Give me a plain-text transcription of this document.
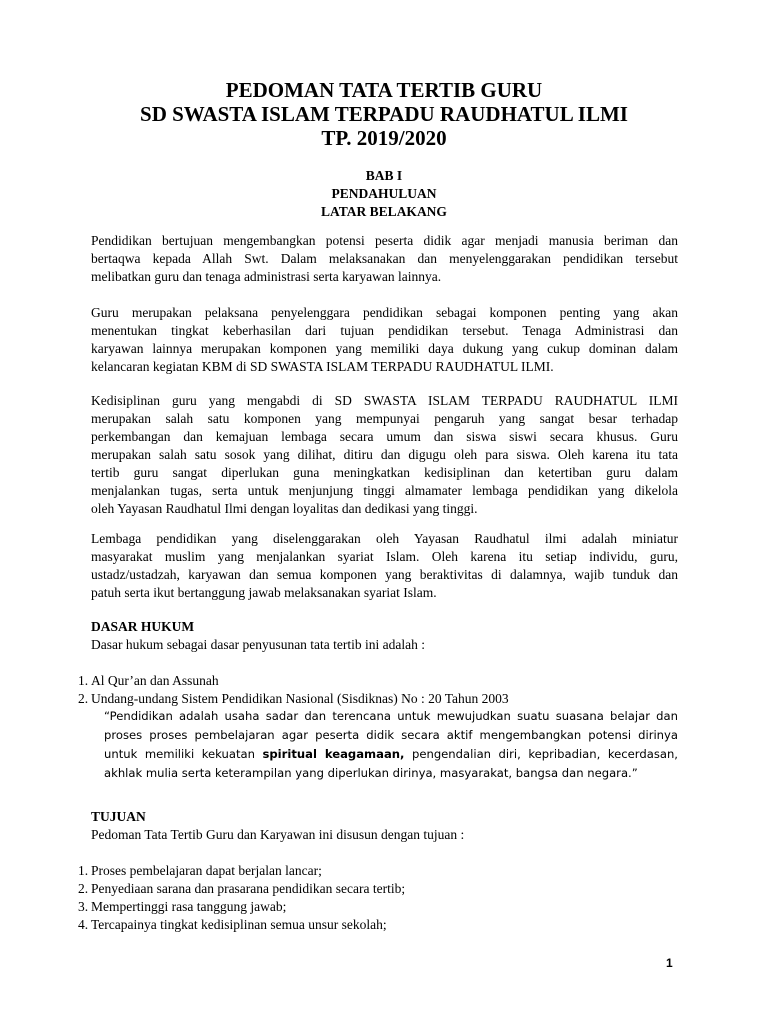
PEDOMAN TATA TERTIB GURU
SD SWASTA ISLAM TERPADU RAUDHATUL ILMI
TP. 2019/2020
BAB I
PENDAHULUAN
LATAR BELAKANG
Pendidikan bertujuan mengembangkan potensi peserta didik agar menjadi manusia beriman dan
bertaqwa kepada Allah Swt. Dalam melaksanakan dan menyelenggarakan pendidikan tersebut
melibatkan guru dan tenaga administrasi serta karyawan lainnya.
Guru merupakan pelaksana penyelenggara pendidikan sebagai komponen penting yang akan
menentukan tingkat keberhasilan dari tujuan pendidikan tersebut. Tenaga Administrasi dan
karyawan lainnya merupakan komponen yang memiliki daya dukung yang cukup dominan dalam
kelancaran kegiatan KBM di SD SWASTA ISLAM TERPADU RAUDHATUL ILMI.
Kedisiplinan guru yang mengabdi di SD SWASTA ISLAM TERPADU RAUDHATUL ILMI
merupakan salah satu komponen yang mempunyai pengaruh yang sangat besar terhadap
perkembangan dan kemajuan lembaga secara umum dan siswa siswi secara khusus. Guru
merupakan salah satu sosok yang dilihat, ditiru dan digugu oleh para siswa. Oleh karena itu tata
tertib guru sangat diperlukan guna meningkatkan kedisiplinan dan ketertiban guru dalam
menjalankan tugas, serta untuk menjunjung tinggi almamater lembaga pendidikan yang dikelola
oleh Yayasan Raudhatul Ilmi dengan loyalitas dan dedikasi yang tinggi.
Lembaga pendidikan yang diselenggarakan oleh Yayasan Raudhatul ilmi adalah miniatur
masyarakat muslim yang menjalankan syariat Islam. Oleh karena itu setiap individu, guru,
ustadz/ustadzah, karyawan dan semua komponen yang beraktivitas di dalamnya, wajib tunduk dan
patuh serta ikut bertanggung jawab melaksanakan syariat Islam.
DASAR HUKUM
Dasar hukum sebagai dasar penyusunan tata tertib ini adalah :
1. Al Qur’an dan Assunah
2. Undang-undang Sistem Pendidikan Nasional (Sisdiknas) No : 20 Tahun 2003
“Pendidikan adalah usaha sadar dan terencana untuk mewujudkan suatu suasana belajar dan
proses proses pembelajaran agar peserta didik secara aktif mengembangkan potensi dirinya
untuk memiliki kekuatan spiritual keagamaan, pengendalian diri, kepribadian, kecerdasan,
akhlak mulia serta keterampilan yang diperlukan dirinya, masyarakat, bangsa dan negara.”
TUJUAN
Pedoman Tata Tertib Guru dan Karyawan ini disusun dengan tujuan :
1. Proses pembelajaran dapat berjalan lancar;
2. Penyediaan sarana dan prasarana pendidikan secara tertib;
3. Mempertinggi rasa tanggung jawab;
4. Tercapainya tingkat kedisiplinan semua unsur sekolah;
1
